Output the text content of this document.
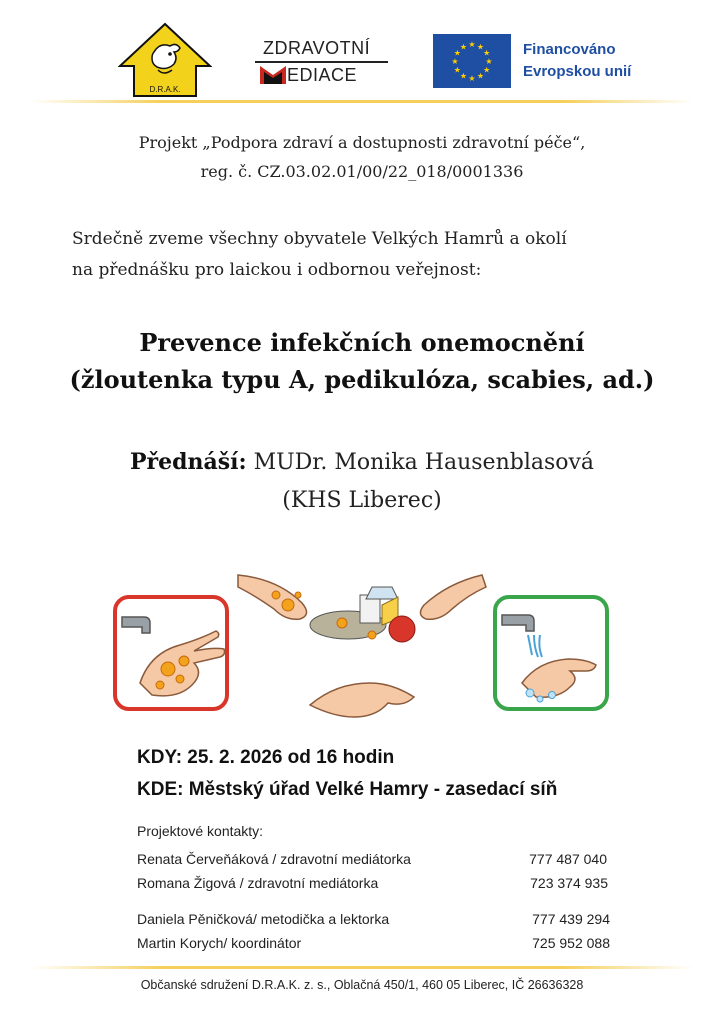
D.R.A.K.
ZDRAVOTNÍ
EDIACE
★ ★
★
★
★
★
★
★
★
★
★
★	Financováno
Evropskou unií
Projekt „Podpora zdraví a dostupnosti zdravotní péče“,
reg. č. CZ.03.02.01/00/22_018/0001336
Srdečně zveme všechny obyvatele Velkých Hamrů a okolí
na přednášku pro laickou i odbornou veřejnost:
Prevence infekčních onemocnění
(žloutenka typu A, pedikulóza, scabies, ad.)
Přednáší: MUDr. Monika Hausenblasová
(KHS Liberec)
KDY: 25. 2. 2026 od 16 hodin
KDE: Městský úřad Velké Hamry - zasedací síň
Projektové kontakty:
Renata Červeňáková / zdravotní mediátorka	777 487 040
Romana Žigová / zdravotní mediátorka	723 374 935
Daniela Pěničková/ metodička a lektorka	777 439 294
Martin Korych/ koordinátor	725 952 088
Občanské sdružení D.R.A.K. z. s., Oblačná 450/1, 460 05 Liberec, IČ 26636328
